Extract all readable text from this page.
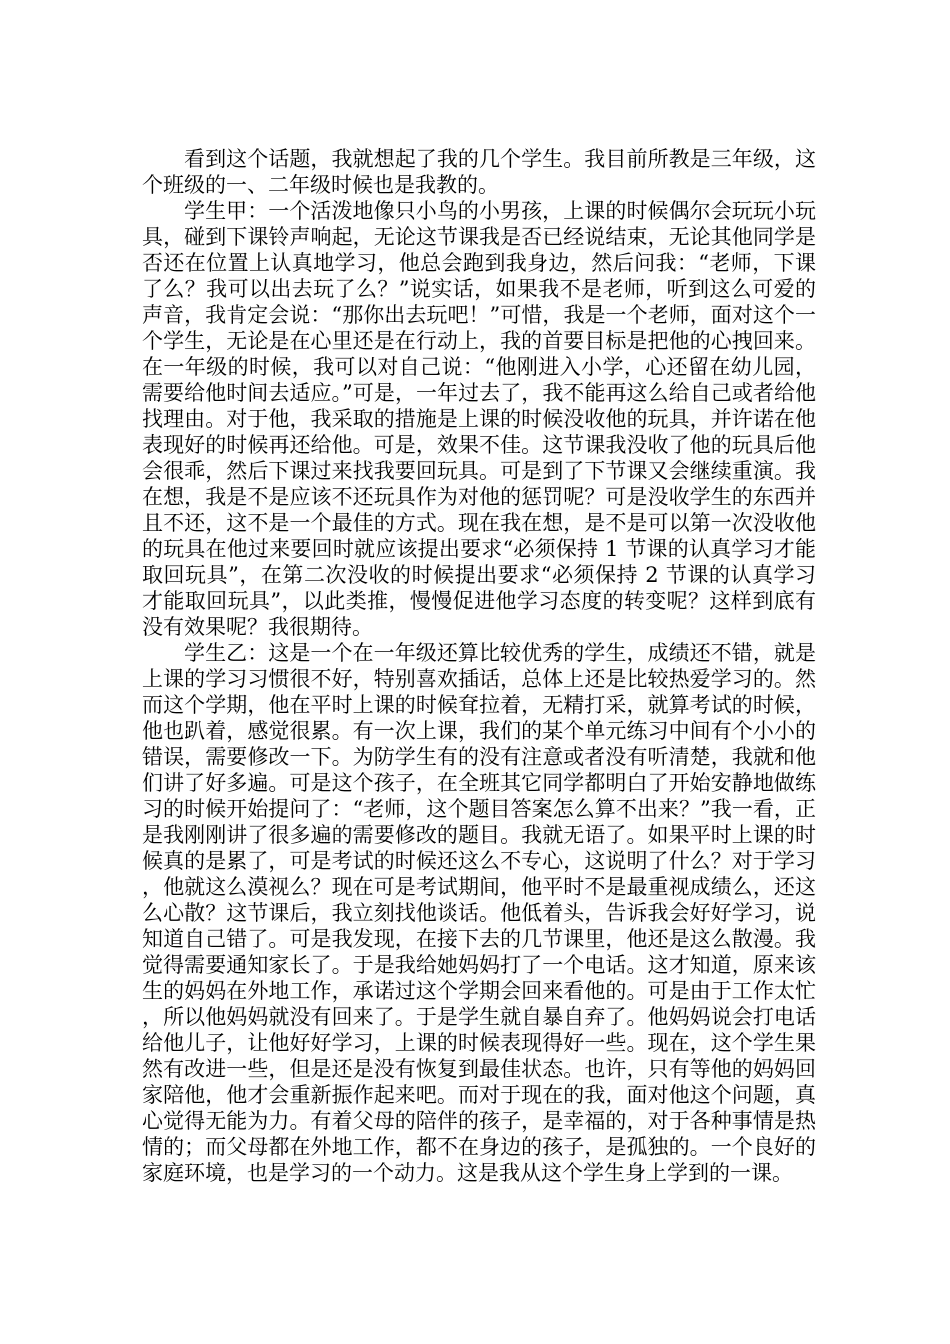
看到这个话题，我就想起了我的几个学生。我目前所教是三年级，这个班级的一、二年级时候也是我教的。

学生甲：一个活泼地像只小鸟的小男孩，上课的时候偶尔会玩玩小玩具，碰到下课铃声响起，无论这节课我是否已经说结束，无论其他同学是否还在位置上认真地学习，他总会跑到我身边，然后问我：“老师，下课了么？我可以出去玩了么？”说实话，如果我不是老师，听到这么可爱的声音，我肯定会说：“那你出去玩吧！”可惜，我是一个老师，面对这个一个学生，无论是在心里还是在行动上，我的首要目标是把他的心拽回来。在一年级的时候，我可以对自己说：“他刚进入小学，心还留在幼儿园，需要给他时间去适应。”可是，一年过去了，我不能再这么给自己或者给他找理由。对于他，我采取的措施是上课的时候没收他的玩具，并许诺在他表现好的时候再还给他。可是，效果不佳。这节课我没收了他的玩具后他会很乖，然后下课过来找我要回玩具。可是到了下节课又会继续重演。我在想，我是不是应该不还玩具作为对他的惩罚呢？可是没收学生的东西并且不还，这不是一个最佳的方式。现在我在想，是不是可以第一次没收他的玩具在他过来要回时就应该提出要求“必须保持 1 节课的认真学习才能取回玩具”，在第二次没收的时候提出要求“必须保持 2 节课的认真学习才能取回玩具”，以此类推，慢慢促进他学习态度的转变呢？这样到底有没有效果呢？我很期待。

学生乙：这是一个在一年级还算比较优秀的学生，成绩还不错，就是上课的学习习惯很不好，特别喜欢插话，总体上还是比较热爱学习的。然而这个学期，他在平时上课的时候耷拉着，无精打采，就算考试的时候，他也趴着，感觉很累。有一次上课，我们的某个单元练习中间有个小小的错误，需要修改一下。为防学生有的没有注意或者没有听清楚，我就和他们讲了好多遍。可是这个孩子，在全班其它同学都明白了开始安静地做练习的时候开始提问了：“老师，这个题目答案怎么算不出来？”我一看，正是我刚刚讲了很多遍的需要修改的题目。我就无语了。如果平时上课的时候真的是累了，可是考试的时候还这么不专心，这说明了什么？对于学习，他就这么漠视么？现在可是考试期间，他平时不是最重视成绩么，还这么心散？这节课后，我立刻找他谈话。他低着头，告诉我会好好学习，说知道自己错了。可是我发现，在接下去的几节课里，他还是这么散漫。我觉得需要通知家长了。于是我给她妈妈打了一个电话。这才知道，原来该生的妈妈在外地工作，承诺过这个学期会回来看他的。可是由于工作太忙，所以他妈妈就没有回来了。于是学生就自暴自弃了。他妈妈说会打电话给他儿子，让他好好学习，上课的时候表现得好一些。现在，这个学生果然有改进一些，但是还是没有恢复到最佳状态。也许，只有等他的妈妈回家陪他，他才会重新振作起来吧。而对于现在的我，面对他这个问题，真心觉得无能为力。有着父母的陪伴的孩子，是幸福的，对于各种事情是热情的；而父母都在外地工作，都不在身边的孩子，是孤独的。一个良好的家庭环境，也是学习的一个动力。这是我从这个学生身上学到的一课。
